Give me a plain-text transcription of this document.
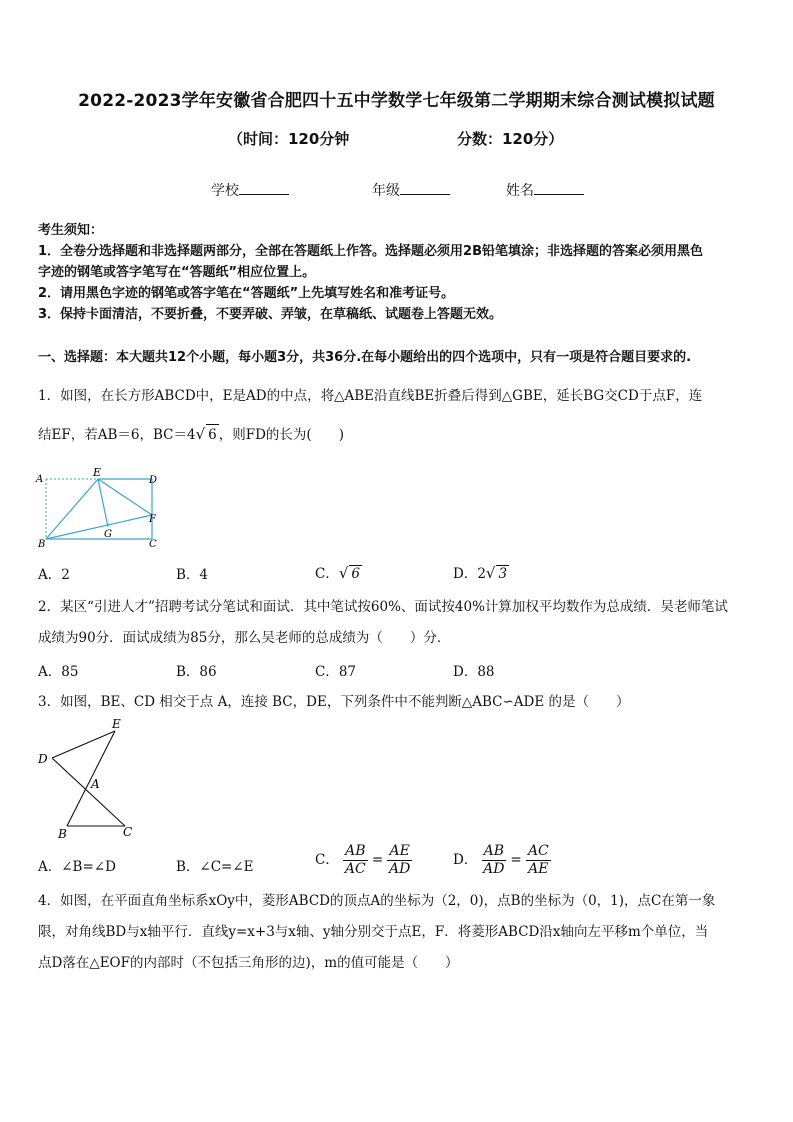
2022-2023学年安徽省合肥四十五中学数学七年级第二学期期末综合测试模拟试题
（时间：120分钟	分数：120分）
学校	年级	姓名
考生须知：
1．全卷分选择题和非选择题两部分，全部在答题纸上作答。选择题必须用2B铅笔填涂；非选择题的答案必须用黑色
字迹的钢笔或答字笔写在“答题纸”相应位置上。
2．请用黑色字迹的钢笔或答字笔在“答题纸”上先填写姓名和准考证号。
3．保持卡面清洁，不要折叠，不要弄破、弄皱，在草稿纸、试题卷上答题无效。
一、选择题：本大题共12个小题，每小题3分，共36分.在每小题给出的四个选项中，只有一项是符合题目要求的.
1．如图，在长方形ABCD中，E是AD的中点，将△ABE沿直线BE折叠后得到△GBE，延长BG交CD于点F，连
结EF，若AB＝6，BC＝4√ 6 ，则FD的长为(　　)
A
E
D
F
B
G
C
A．2	B．4	C．√ 6	D．2√ 3
2．某区“引进人才”招聘考试分笔试和面试．其中笔试按60%、面试按40%计算加权平均数作为总成绩．吴老师笔试
成绩为90分．面试成绩为85分，那么吴老师的总成绩为（　　）分．
A．85	B．86	C．87	D．88
3．如图，BE、CD 相交于点 A，连接 BC，DE，下列条件中不能判断△ABC∽ADE 的是（　　）
E
D
A
B	C
A．∠B=∠D	B．∠C=∠E	C． $\frac{AB}{AC} = \frac{AE}{AD}$	D． $\frac{AB}{AD} = \frac{AC}{AE}$
4．如图，在平面直角坐标系xOy中，菱形ABCD的顶点A的坐标为（2，0)，点B的坐标为（0，1)，点C在第一象
限，对角线BD与x轴平行．直线y=x+3与x轴、y轴分别交于点E，F．将菱形ABCD沿x轴向左平移m个单位，当
点D落在△EOF的内部时（不包括三角形的边)，m的值可能是（　　）
